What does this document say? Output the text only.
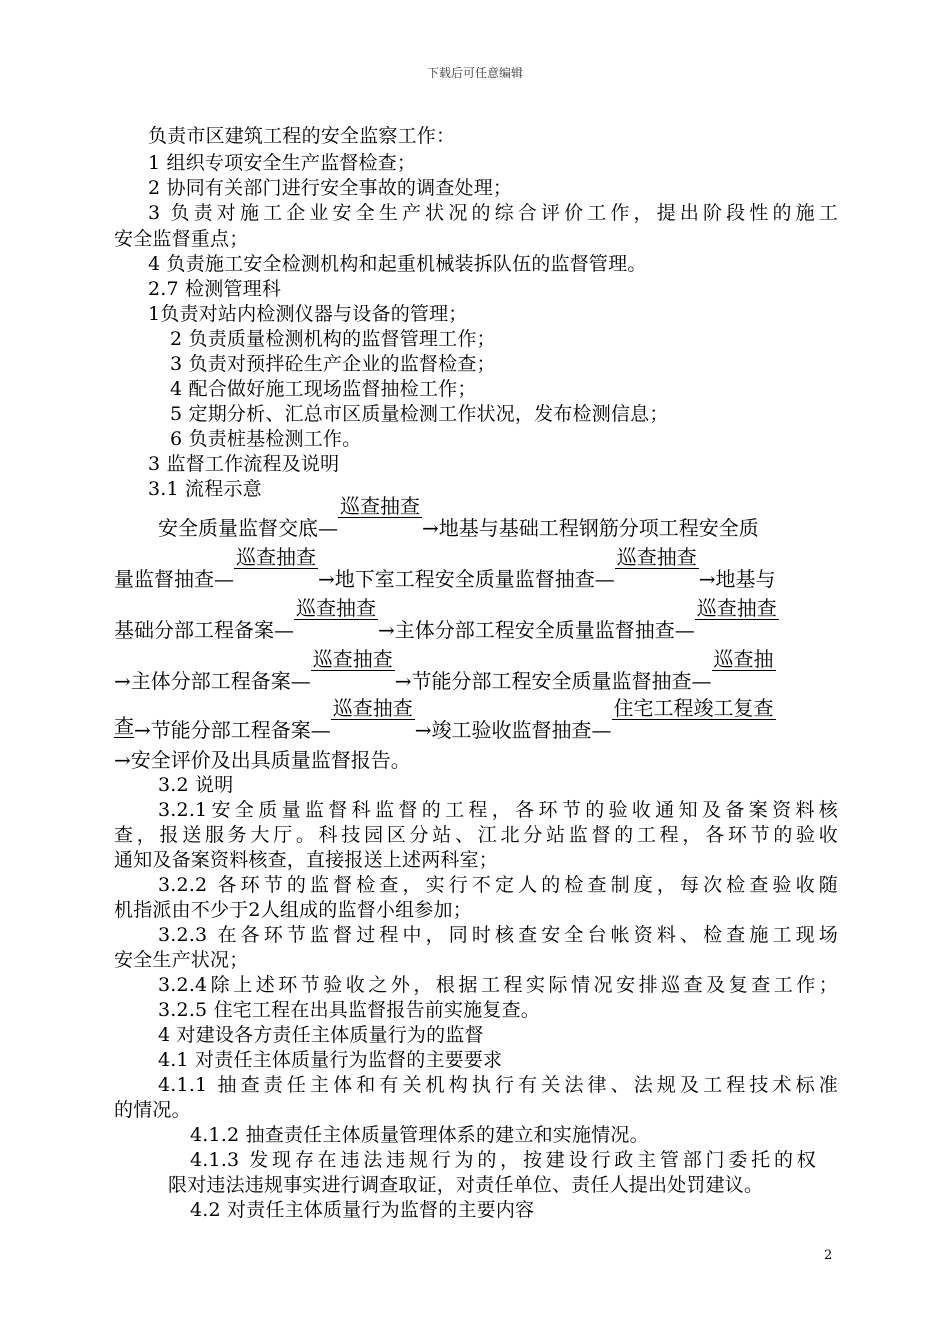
下载后可任意编辑
负责市区建筑工程的安全监察工作：
1 组织专项安全生产监督检查；
2 协同有关部门进行安全事故的调查处理；
3 负责对施工企业安全生产状况的综合评价工作，提出阶段性的施工
安全监督重点；
4 负责施工安全检测机构和起重机械装拆队伍的监督管理。
2.7 检测管理科
1负责对站内检测仪器与设备的管理；
2 负责质量检测机构的监督管理工作；
3 负责对预拌砼生产企业的监督检查；
4 配合做好施工现场监督抽检工作；
5 定期分析、汇总市区质量检测工作状况，发布检测信息；
6 负责桩基检测工作。
3 监督工作流程及说明
3.1 流程示意
安全质量监督交底—巡查抽查→地基与基础工程钢筋分项工程安全质
量监督抽查—巡查抽查→地下室工程安全质量监督抽查—巡查抽查→地基与
基础分部工程备案—巡查抽查→主体分部工程安全质量监督抽查—巡查抽查
→主体分部工程备案—巡查抽查→节能分部工程安全质量监督抽查—巡查抽
查→节能分部工程备案—巡查抽查→竣工验收监督抽查—住宅工程竣工复查
→安全评价及出具质量监督报告。
3.2 说明
3.2.1安全质量监督科监督的工程，各环节的验收通知及备案资料核
查，报送服务大厅。科技园区分站、江北分站监督的工程，各环节的验收
通知及备案资料核查，直接报送上述两科室；
3.2.2 各环节的监督检查，实行不定人的检查制度，每次检查验收随
机指派由不少于2人组成的监督小组参加；
3.2.3 在各环节监督过程中，同时核查安全台帐资料、检查施工现场
安全生产状况；
3.2.4除上述环节验收之外，根据工程实际情况安排巡查及复查工作；
3.2.5 住宅工程在出具监督报告前实施复查。
4 对建设各方责任主体质量行为的监督
4.1 对责任主体质量行为监督的主要要求
4.1.1 抽查责任主体和有关机构执行有关法律、法规及工程技术标准
的情况。
4.1.2 抽查责任主体质量管理体系的建立和实施情况。
4.1.3 发现存在违法违规行为的，按建设行政主管部门委托的权
限对违法违规事实进行调查取证，对责任单位、责任人提出处罚建议。
4.2 对责任主体质量行为监督的主要内容
2
